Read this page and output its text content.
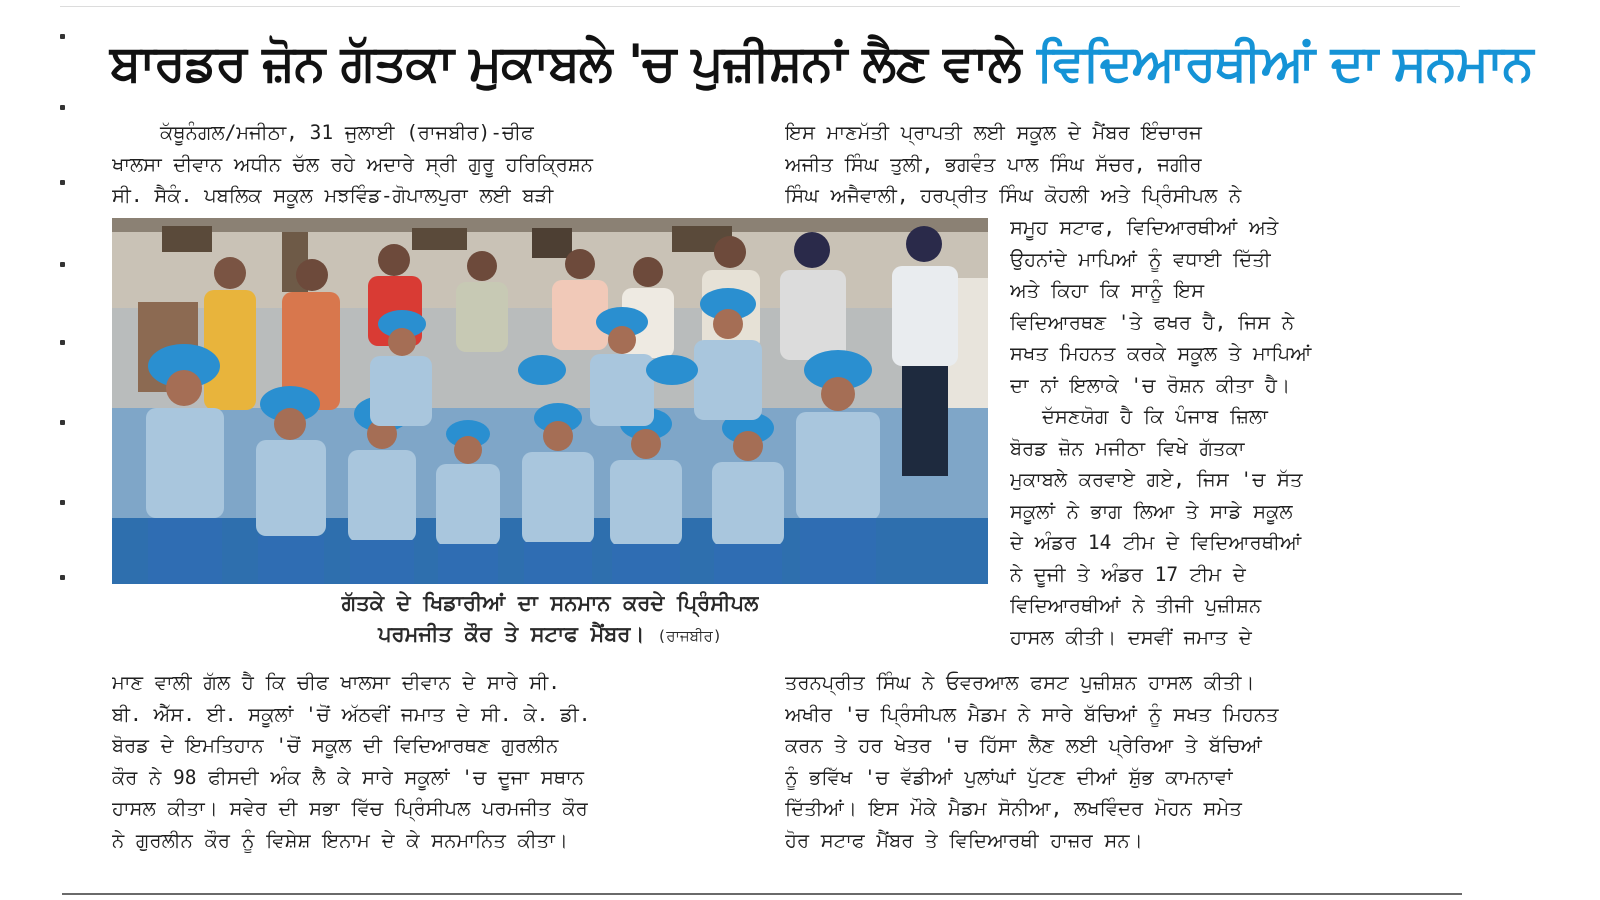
ਬਾਰਡਰ ਜ਼ੋਨ ਗੱਤਕਾ ਮੁਕਾਬਲੇ 'ਚ ਪੁਜ਼ੀਸ਼ਨਾਂ ਲੈਣ ਵਾਲੇ ਵਿਦਿਆਰਥੀਆਂ ਦਾ ਸਨਮਾਨ
ਕੱਥੂਨੰਗਲ/ਮਜੀਠਾ, 31 ਜੁਲਾਈ (ਰਾਜਬੀਰ)-ਚੀਫ
ਖਾਲਸਾ ਦੀਵਾਨ ਅਧੀਨ ਚੱਲ ਰਹੇ ਅਦਾਰੇ ਸ੍ਰੀ ਗੁਰੂ ਹਰਿਕ੍ਰਿਸ਼ਨ
ਸੀ. ਸੈਕੰ. ਪਬਲਿਕ ਸਕੂਲ ਮਝਵਿੰਡ-ਗੋਪਾਲਪੁਰਾ ਲਈ ਬੜੀ
ਇਸ ਮਾਣਮੱਤੀ ਪ੍ਰਾਪਤੀ ਲਈ ਸਕੂਲ ਦੇ ਮੈਂਬਰ ਇੰਚਾਰਜ
ਅਜੀਤ ਸਿੰਘ ਤੁਲੀ, ਭਗਵੰਤ ਪਾਲ ਸਿੰਘ ਸੱਚਰ, ਜਗੀਰ
ਸਿੰਘ ਅਜੈਵਾਲੀ, ਹਰਪ੍ਰੀਤ ਸਿੰਘ ਕੋਹਲੀ ਅਤੇ ਪ੍ਰਿੰਸੀਪਲ ਨੇ
ਸਮੂਹ ਸਟਾਫ, ਵਿਦਿਆਰਥੀਆਂ ਅਤੇ
ਉਹਨਾਂਦੇ ਮਾਪਿਆਂ ਨੂੰ ਵਧਾਈ ਦਿੱਤੀ
ਅਤੇ ਕਿਹਾ ਕਿ ਸਾਨੂੰ ਇਸ
ਵਿਦਿਆਰਥਣ 'ਤੇ ਫਖਰ ਹੈ, ਜਿਸ ਨੇ
ਸਖਤ ਮਿਹਨਤ ਕਰਕੇ ਸਕੂਲ ਤੇ ਮਾਪਿਆਂ
ਦਾ ਨਾਂ ਇਲਾਕੇ 'ਚ ਰੋਸ਼ਨ ਕੀਤਾ ਹੈ।
ਦੱਸਣਯੋਗ ਹੈ ਕਿ ਪੰਜਾਬ ਜ਼ਿਲਾ
ਬੋਰਡ ਜ਼ੋਨ ਮਜੀਠਾ ਵਿਖੇ ਗੱਤਕਾ
ਮੁਕਾਬਲੇ ਕਰਵਾਏ ਗਏ, ਜਿਸ 'ਚ ਸੱਤ
ਸਕੂਲਾਂ ਨੇ ਭਾਗ ਲਿਆ ਤੇ ਸਾਡੇ ਸਕੂਲ
ਦੇ ਅੰਡਰ 14 ਟੀਮ ਦੇ ਵਿਦਿਆਰਥੀਆਂ
ਨੇ ਦੂਜੀ ਤੇ ਅੰਡਰ 17 ਟੀਮ ਦੇ
ਵਿਦਿਆਰਥੀਆਂ ਨੇ ਤੀਜੀ ਪੁਜ਼ੀਸ਼ਨ
ਹਾਸਲ ਕੀਤੀ। ਦਸਵੀਂ ਜਮਾਤ ਦੇ
ਗੱਤਕੇ ਦੇ ਖਿਡਾਰੀਆਂ ਦਾ ਸਨਮਾਨ ਕਰਦੇ ਪ੍ਰਿੰਸੀਪਲ
ਪਰਮਜੀਤ ਕੌਰ ਤੇ ਸਟਾਫ ਮੈਂਬਰ। (ਰਾਜਬੀਰ)
ਮਾਣ ਵਾਲੀ ਗੱਲ ਹੈ ਕਿ ਚੀਫ ਖਾਲਸਾ ਦੀਵਾਨ ਦੇ ਸਾਰੇ ਸੀ.
ਬੀ. ਐੱਸ. ਈ. ਸਕੂਲਾਂ 'ਚੋਂ ਅੱਠਵੀਂ ਜਮਾਤ ਦੇ ਸੀ. ਕੇ. ਡੀ.
ਬੋਰਡ ਦੇ ਇਮਤਿਹਾਨ 'ਚੋਂ ਸਕੂਲ ਦੀ ਵਿਦਿਆਰਥਣ ਗੁਰਲੀਨ
ਕੌਰ ਨੇ 98 ਫੀਸਦੀ ਅੰਕ ਲੈ ਕੇ ਸਾਰੇ ਸਕੂਲਾਂ 'ਚ ਦੂਜਾ ਸਥਾਨ
ਹਾਸਲ ਕੀਤਾ। ਸਵੇਰ ਦੀ ਸਭਾ ਵਿੱਚ ਪ੍ਰਿੰਸੀਪਲ ਪਰਮਜੀਤ ਕੌਰ
ਨੇ ਗੁਰਲੀਨ ਕੌਰ ਨੂੰ ਵਿਸ਼ੇਸ਼ ਇਨਾਮ ਦੇ ਕੇ ਸਨਮਾਨਿਤ ਕੀਤਾ।
ਤਰਨਪ੍ਰੀਤ ਸਿੰਘ ਨੇ ਓਵਰਆਲ ਫਸਟ ਪੁਜ਼ੀਸ਼ਨ ਹਾਸਲ ਕੀਤੀ।
ਅਖੀਰ 'ਚ ਪ੍ਰਿੰਸੀਪਲ ਮੈਡਮ ਨੇ ਸਾਰੇ ਬੱਚਿਆਂ ਨੂੰ ਸਖਤ ਮਿਹਨਤ
ਕਰਨ ਤੇ ਹਰ ਖੇਤਰ 'ਚ ਹਿੱਸਾ ਲੈਣ ਲਈ ਪ੍ਰੇਰਿਆ ਤੇ ਬੱਚਿਆਂ
ਨੂੰ ਭਵਿੱਖ 'ਚ ਵੱਡੀਆਂ ਪੁਲਾਂਘਾਂ ਪੁੱਟਣ ਦੀਆਂ ਸ਼ੁੱਭ ਕਾਮਨਾਵਾਂ
ਦਿੱਤੀਆਂ। ਇਸ ਮੌਕੇ ਮੈਡਮ ਸੋਨੀਆ, ਲਖਵਿੰਦਰ ਮੋਹਨ ਸਮੇਤ
ਹੋਰ ਸਟਾਫ ਮੈਂਬਰ ਤੇ ਵਿਦਿਆਰਥੀ ਹਾਜ਼ਰ ਸਨ।
